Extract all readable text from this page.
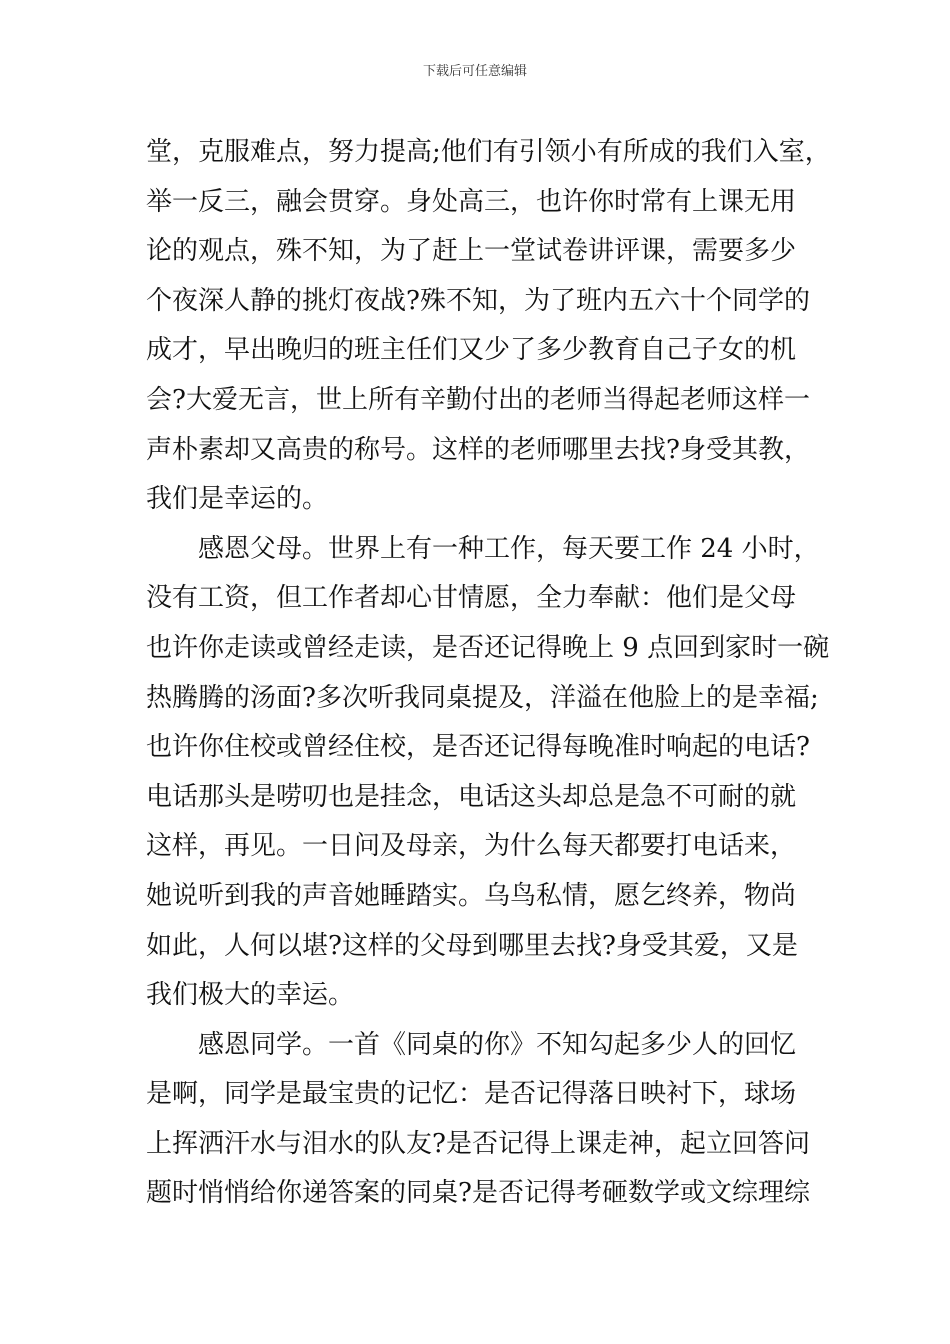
下载后可任意编辑
堂，克服难点，努力提高;他们有引领小有所成的我们入室，
举一反三，融会贯穿。身处高三，也许你时常有上课无用
论的观点，殊不知，为了赶上一堂试卷讲评课，需要多少
个夜深人静的挑灯夜战?殊不知，为了班内五六十个同学的
成才，早出晚归的班主任们又少了多少教育自己子女的机
会?大爱无言，世上所有辛勤付出的老师当得起老师这样一
声朴素却又高贵的称号。这样的老师哪里去找?身受其教，
我们是幸运的。
感恩父母。世界上有一种工作，每天要工作 24 小时，
没有工资，但工作者却心甘情愿，全力奉献：他们是父母
也许你走读或曾经走读，是否还记得晚上 9 点回到家时一碗
热腾腾的汤面?多次听我同桌提及，洋溢在他脸上的是幸福;
也许你住校或曾经住校，是否还记得每晚准时响起的电话?
电话那头是唠叨也是挂念，电话这头却总是急不可耐的就
这样，再见。一日问及母亲，为什么每天都要打电话来，
她说听到我的声音她睡踏实。乌鸟私情，愿乞终养，物尚
如此，人何以堪?这样的父母到哪里去找?身受其爱，又是
我们极大的幸运。
感恩同学。一首《同桌的你》不知勾起多少人的回忆
是啊，同学是最宝贵的记忆：是否记得落日映衬下，球场
上挥洒汗水与泪水的队友?是否记得上课走神，起立回答问
题时悄悄给你递答案的同桌?是否记得考砸数学或文综理综
